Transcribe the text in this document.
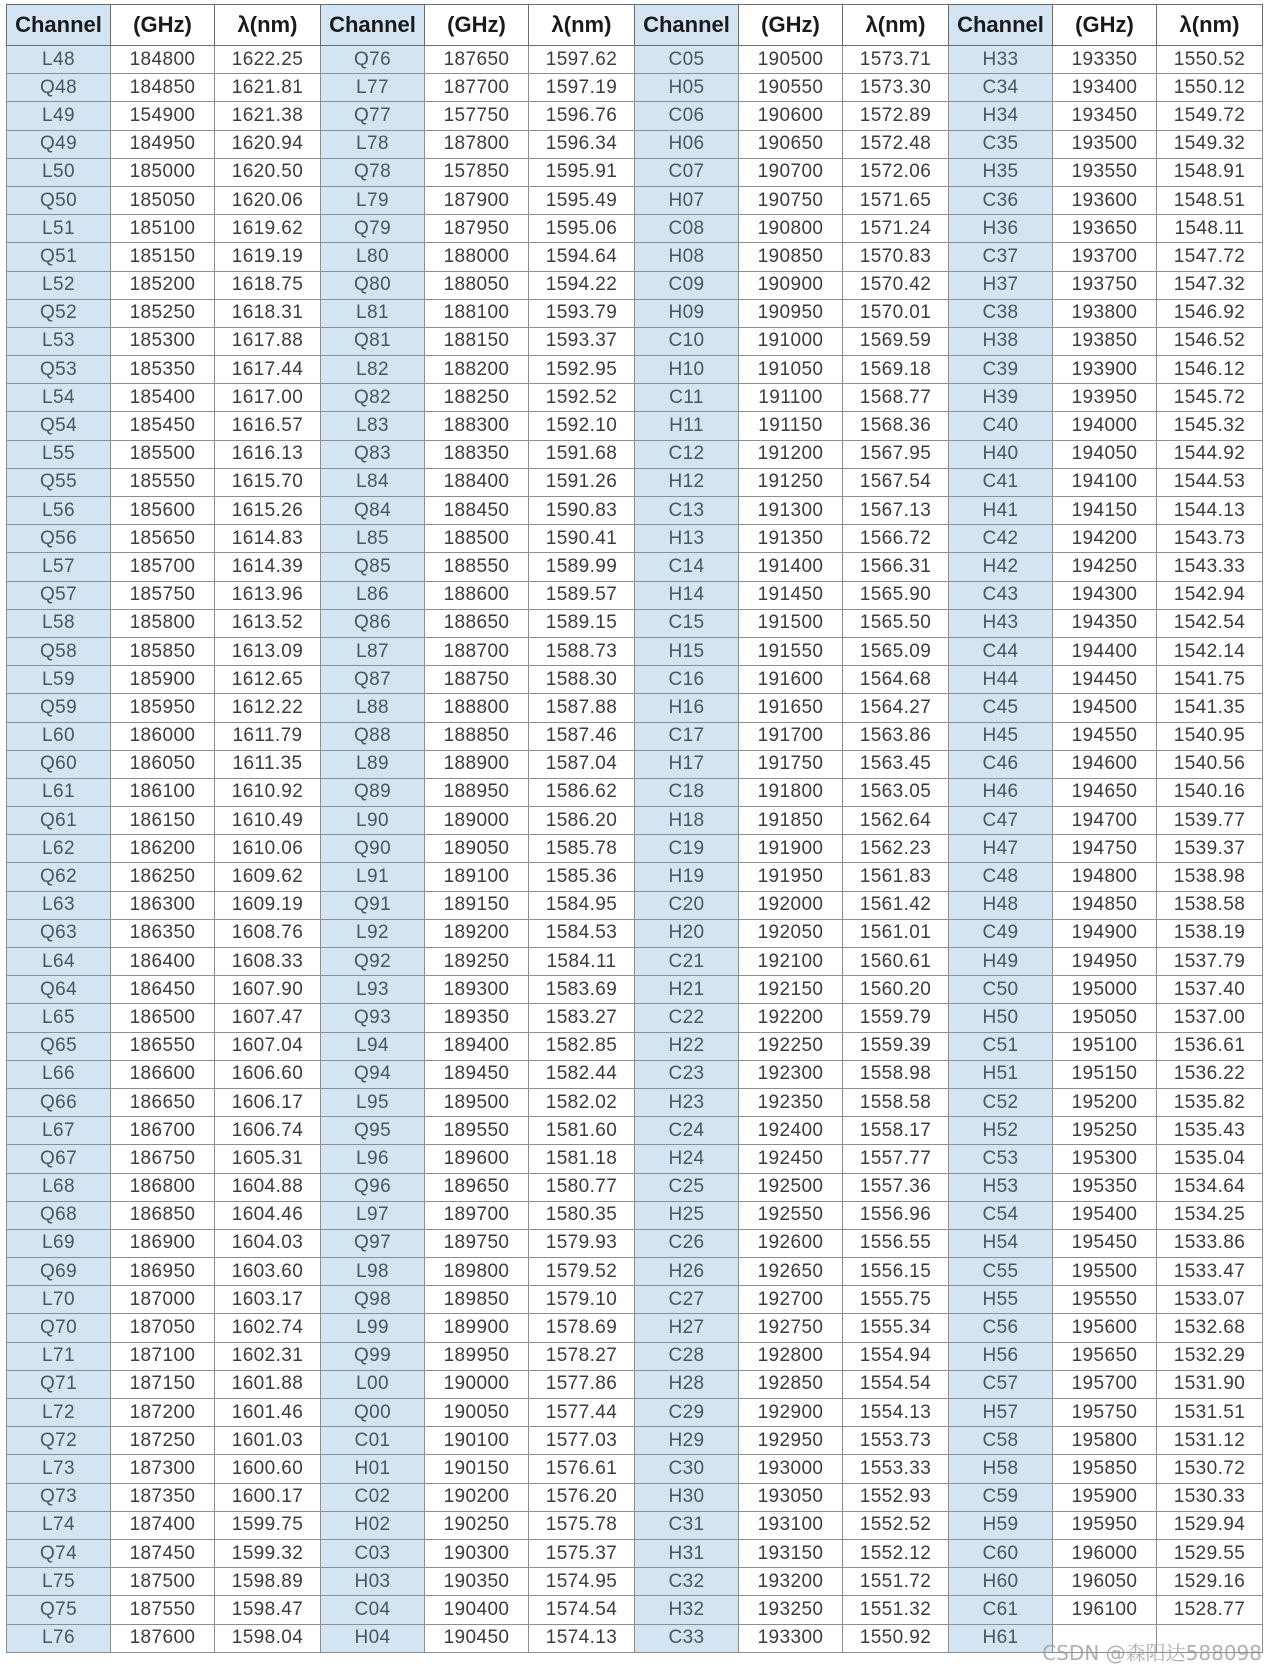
Channel	(GHz)	λ(nm)	Channel	(GHz)	λ(nm)	Channel	(GHz)	λ(nm)	Channel	(GHz)	λ(nm)
L48	184800	1622.25	Q76	187650	1597.62	C05	190500	1573.71	H33	193350	1550.52
Q48	184850	1621.81	L77	187700	1597.19	H05	190550	1573.30	C34	193400	1550.12
L49	154900	1621.38	Q77	157750	1596.76	C06	190600	1572.89	H34	193450	1549.72
Q49	184950	1620.94	L78	187800	1596.34	H06	190650	1572.48	C35	193500	1549.32
L50	185000	1620.50	Q78	157850	1595.91	C07	190700	1572.06	H35	193550	1548.91
Q50	185050	1620.06	L79	187900	1595.49	H07	190750	1571.65	C36	193600	1548.51
L51	185100	1619.62	Q79	187950	1595.06	C08	190800	1571.24	H36	193650	1548.11
Q51	185150	1619.19	L80	188000	1594.64	H08	190850	1570.83	C37	193700	1547.72
L52	185200	1618.75	Q80	188050	1594.22	C09	190900	1570.42	H37	193750	1547.32
Q52	185250	1618.31	L81	188100	1593.79	H09	190950	1570.01	C38	193800	1546.92
L53	185300	1617.88	Q81	188150	1593.37	C10	191000	1569.59	H38	193850	1546.52
Q53	185350	1617.44	L82	188200	1592.95	H10	191050	1569.18	C39	193900	1546.12
L54	185400	1617.00	Q82	188250	1592.52	C11	191100	1568.77	H39	193950	1545.72
Q54	185450	1616.57	L83	188300	1592.10	H11	191150	1568.36	C40	194000	1545.32
L55	185500	1616.13	Q83	188350	1591.68	C12	191200	1567.95	H40	194050	1544.92
Q55	185550	1615.70	L84	188400	1591.26	H12	191250	1567.54	C41	194100	1544.53
L56	185600	1615.26	Q84	188450	1590.83	C13	191300	1567.13	H41	194150	1544.13
Q56	185650	1614.83	L85	188500	1590.41	H13	191350	1566.72	C42	194200	1543.73
L57	185700	1614.39	Q85	188550	1589.99	C14	191400	1566.31	H42	194250	1543.33
Q57	185750	1613.96	L86	188600	1589.57	H14	191450	1565.90	C43	194300	1542.94
L58	185800	1613.52	Q86	188650	1589.15	C15	191500	1565.50	H43	194350	1542.54
Q58	185850	1613.09	L87	188700	1588.73	H15	191550	1565.09	C44	194400	1542.14
L59	185900	1612.65	Q87	188750	1588.30	C16	191600	1564.68	H44	194450	1541.75
Q59	185950	1612.22	L88	188800	1587.88	H16	191650	1564.27	C45	194500	1541.35
L60	186000	1611.79	Q88	188850	1587.46	C17	191700	1563.86	H45	194550	1540.95
Q60	186050	1611.35	L89	188900	1587.04	H17	191750	1563.45	C46	194600	1540.56
L61	186100	1610.92	Q89	188950	1586.62	C18	191800	1563.05	H46	194650	1540.16
Q61	186150	1610.49	L90	189000	1586.20	H18	191850	1562.64	C47	194700	1539.77
L62	186200	1610.06	Q90	189050	1585.78	C19	191900	1562.23	H47	194750	1539.37
Q62	186250	1609.62	L91	189100	1585.36	H19	191950	1561.83	C48	194800	1538.98
L63	186300	1609.19	Q91	189150	1584.95	C20	192000	1561.42	H48	194850	1538.58
Q63	186350	1608.76	L92	189200	1584.53	H20	192050	1561.01	C49	194900	1538.19
L64	186400	1608.33	Q92	189250	1584.11	C21	192100	1560.61	H49	194950	1537.79
Q64	186450	1607.90	L93	189300	1583.69	H21	192150	1560.20	C50	195000	1537.40
L65	186500	1607.47	Q93	189350	1583.27	C22	192200	1559.79	H50	195050	1537.00
Q65	186550	1607.04	L94	189400	1582.85	H22	192250	1559.39	C51	195100	1536.61
L66	186600	1606.60	Q94	189450	1582.44	C23	192300	1558.98	H51	195150	1536.22
Q66	186650	1606.17	L95	189500	1582.02	H23	192350	1558.58	C52	195200	1535.82
L67	186700	1606.74	Q95	189550	1581.60	C24	192400	1558.17	H52	195250	1535.43
Q67	186750	1605.31	L96	189600	1581.18	H24	192450	1557.77	C53	195300	1535.04
L68	186800	1604.88	Q96	189650	1580.77	C25	192500	1557.36	H53	195350	1534.64
Q68	186850	1604.46	L97	189700	1580.35	H25	192550	1556.96	C54	195400	1534.25
L69	186900	1604.03	Q97	189750	1579.93	C26	192600	1556.55	H54	195450	1533.86
Q69	186950	1603.60	L98	189800	1579.52	H26	192650	1556.15	C55	195500	1533.47
L70	187000	1603.17	Q98	189850	1579.10	C27	192700	1555.75	H55	195550	1533.07
Q70	187050	1602.74	L99	189900	1578.69	H27	192750	1555.34	C56	195600	1532.68
L71	187100	1602.31	Q99	189950	1578.27	C28	192800	1554.94	H56	195650	1532.29
Q71	187150	1601.88	L00	190000	1577.86	H28	192850	1554.54	C57	195700	1531.90
L72	187200	1601.46	Q00	190050	1577.44	C29	192900	1554.13	H57	195750	1531.51
Q72	187250	1601.03	C01	190100	1577.03	H29	192950	1553.73	C58	195800	1531.12
L73	187300	1600.60	H01	190150	1576.61	C30	193000	1553.33	H58	195850	1530.72
Q73	187350	1600.17	C02	190200	1576.20	H30	193050	1552.93	C59	195900	1530.33
L74	187400	1599.75	H02	190250	1575.78	C31	193100	1552.52	H59	195950	1529.94
Q74	187450	1599.32	C03	190300	1575.37	H31	193150	1552.12	C60	196000	1529.55
L75	187500	1598.89	H03	190350	1574.95	C32	193200	1551.72	H60	196050	1529.16
Q75	187550	1598.47	C04	190400	1574.54	H32	193250	1551.32	C61	196100	1528.77
L76	187600	1598.04	H04	190450	1574.13	C33	193300	1550.92	H61		
CSDN @森阳达588098
